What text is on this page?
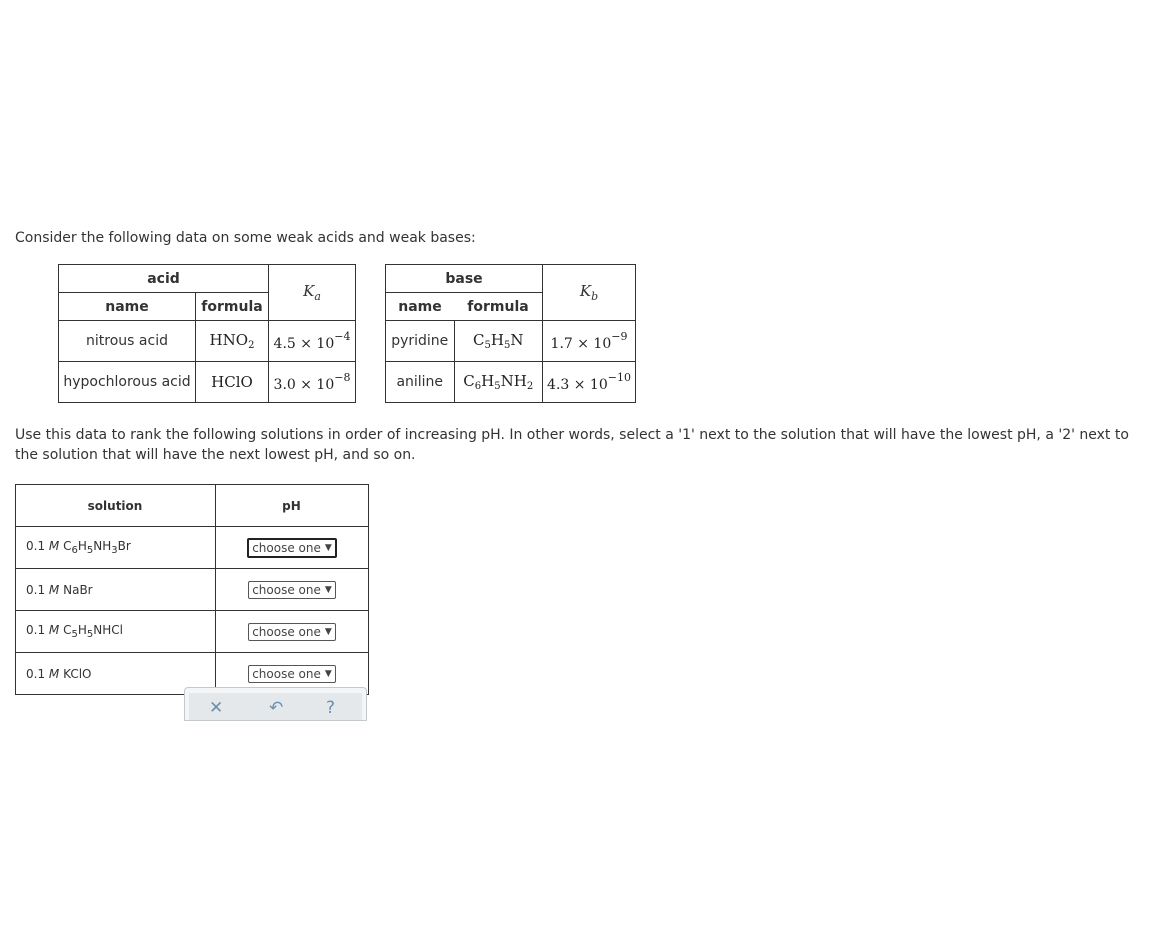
Consider the following data on some weak acids and weak bases:
acid		$K_a$
name	formula	
nitrous acid	$HNO_2$	$4.5 \times 10^{-4}$
hypochlorous acid	HClO	$3.0 \times 10^{-8}$
base		$K_b$
name	formula	
pyridine	$C_5H_5N$	$1.7 \times 10^{-9}$
aniline	$C_6H_5NH_2$	$4.3 \times 10^{-10}$
Use this data to rank the following solutions in order of increasing pH. In other words, select a '1' next to the solution that will have the lowest pH, a '2' next to the solution that will have the next lowest pH, and so on.
solution	pH
0.1 M $C_6H_5NH_3Br$	choose one ▼

0.1 M NaBr	choose one ▼

0.1 M $C_5H_5NHCl$	choose one ▼

0.1 M KClO	choose one ▼
✕	↶	?
